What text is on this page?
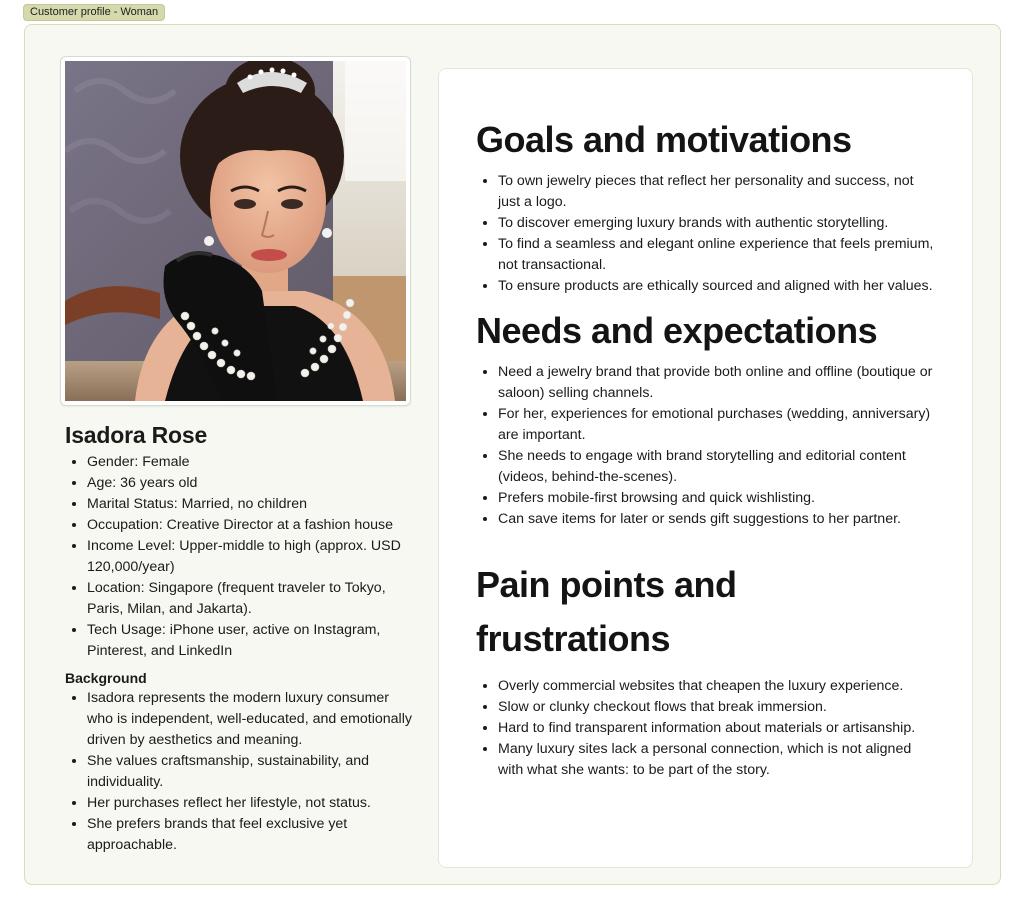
Customer profile - Woman
Isadora Rose
• Gender: Female
• Age: 36 years old
• Marital Status: Married, no children
• Occupation: Creative Director at a fashion house
• Income Level: Upper-middle to high (approx. USD 120,000/year)
• Location: Singapore (frequent traveler to Tokyo, Paris, Milan, and Jakarta).
• Tech Usage: iPhone user, active on Instagram, Pinterest, and LinkedIn
Background
• Isadora represents the modern luxury consumer who is independent, well-educated, and emotionally driven by aesthetics and meaning.
• She values craftsmanship, sustainability, and individuality.
• Her purchases reflect her lifestyle, not status.
• She prefers brands that feel exclusive yet approachable.
Goals and motivations
• To own jewelry pieces that reflect her personality and success, not just a logo.
• To discover emerging luxury brands with authentic storytelling.
• To find a seamless and elegant online experience that feels premium, not transactional.
• To ensure products are ethically sourced and aligned with her values.
Needs and expectations
• Need a jewelry brand that provide both online and offline (boutique or saloon) selling channels.
• For her, experiences for emotional purchases (wedding, anniversary) are important.
• She needs to engage with brand storytelling and editorial content (videos, behind-the-scenes).
• Prefers mobile-first browsing and quick wishlisting.
• Can save items for later or sends gift suggestions to her partner.
Pain points and frustrations
• Overly commercial websites that cheapen the luxury experience.
• Slow or clunky checkout flows that break immersion.
• Hard to find transparent information about materials or artisanship.
• Many luxury sites lack a personal connection, which is not aligned with what she wants: to be part of the story.
